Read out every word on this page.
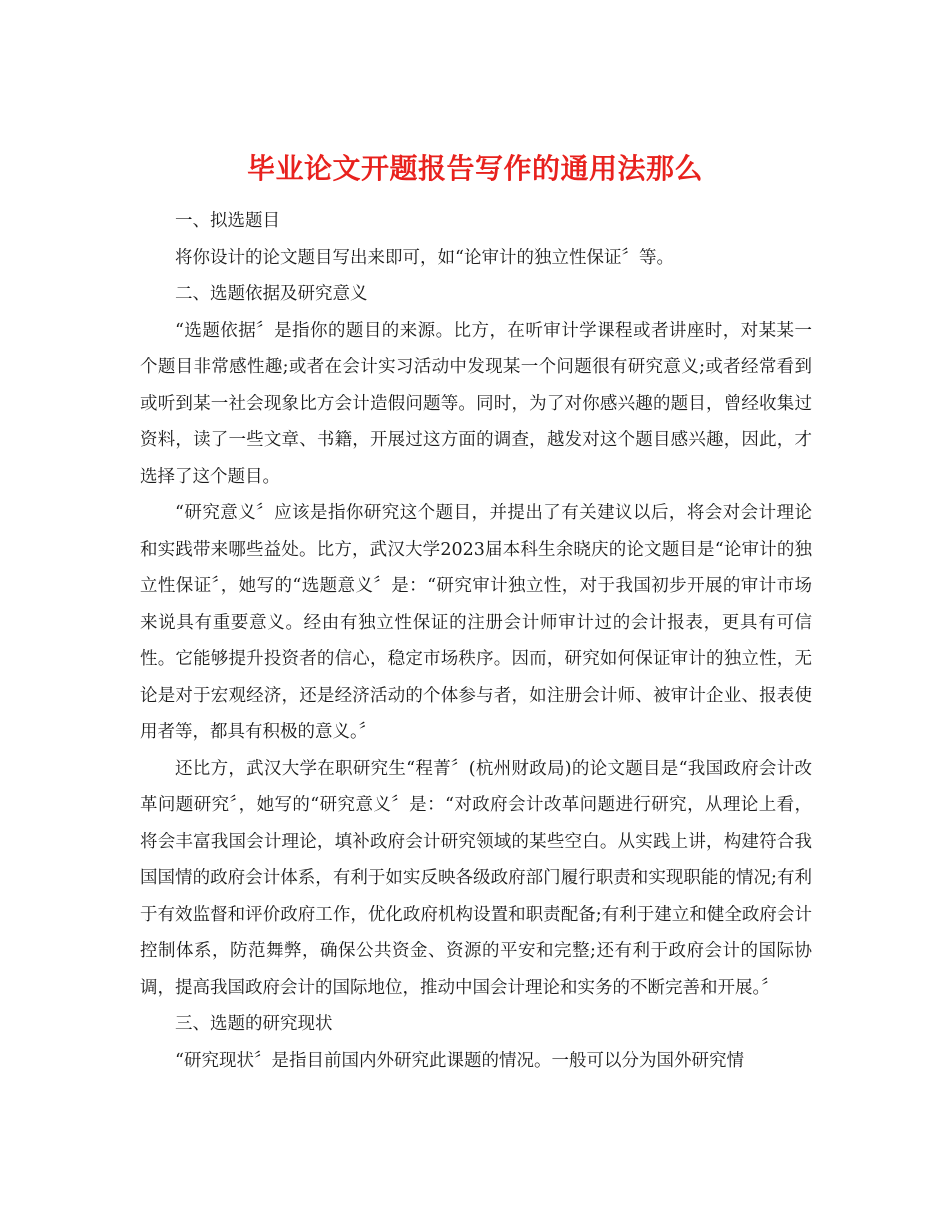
毕业论文开题报告写作的通用法那么

一、拟选题目

将你设计的论文题目写出来即可，如“论审计的独立性保证〞等。

二、选题依据及研究意义

“选题依据〞是指你的题目的来源。比方，在听审计学课程或者讲座时，对某某一个题目非常感性趣;或者在会计实习活动中发现某一个问题很有研究意义;或者经常看到或听到某一社会现象比方会计造假问题等。同时，为了对你感兴趣的题目，曾经收集过资料，读了一些文章、书籍，开展过这方面的调查，越发对这个题目感兴趣，因此，才选择了这个题目。

“研究意义〞应该是指你研究这个题目，并提出了有关建议以后，将会对会计理论和实践带来哪些益处。比方，武汉大学2023届本科生余晓庆的论文题目是“论审计的独立性保证〞，她写的“选题意义〞是：“研究审计独立性，对于我国初步开展的审计市场来说具有重要意义。经由有独立性保证的注册会计师审计过的会计报表，更具有可信性。它能够提升投资者的信心，稳定市场秩序。因而，研究如何保证审计的独立性，无论是对于宏观经济，还是经济活动的个体参与者，如注册会计师、被审计企业、报表使用者等，都具有积极的意义。〞

还比方，武汉大学在职研究生“程菁〞(杭州财政局)的论文题目是“我国政府会计改革问题研究〞，她写的“研究意义〞是：“对政府会计改革问题进行研究，从理论上看，将会丰富我国会计理论，填补政府会计研究领域的某些空白。从实践上讲，构建符合我国国情的政府会计体系，有利于如实反映各级政府部门履行职责和实现职能的情况;有利于有效监督和评价政府工作，优化政府机构设置和职责配备;有利于建立和健全政府会计控制体系，防范舞弊，确保公共资金、资源的平安和完整;还有利于政府会计的国际协调，提高我国政府会计的国际地位，推动中国会计理论和实务的不断完善和开展。〞

三、选题的研究现状

“研究现状〞是指目前国内外研究此课题的情况。一般可以分为国外研究情
